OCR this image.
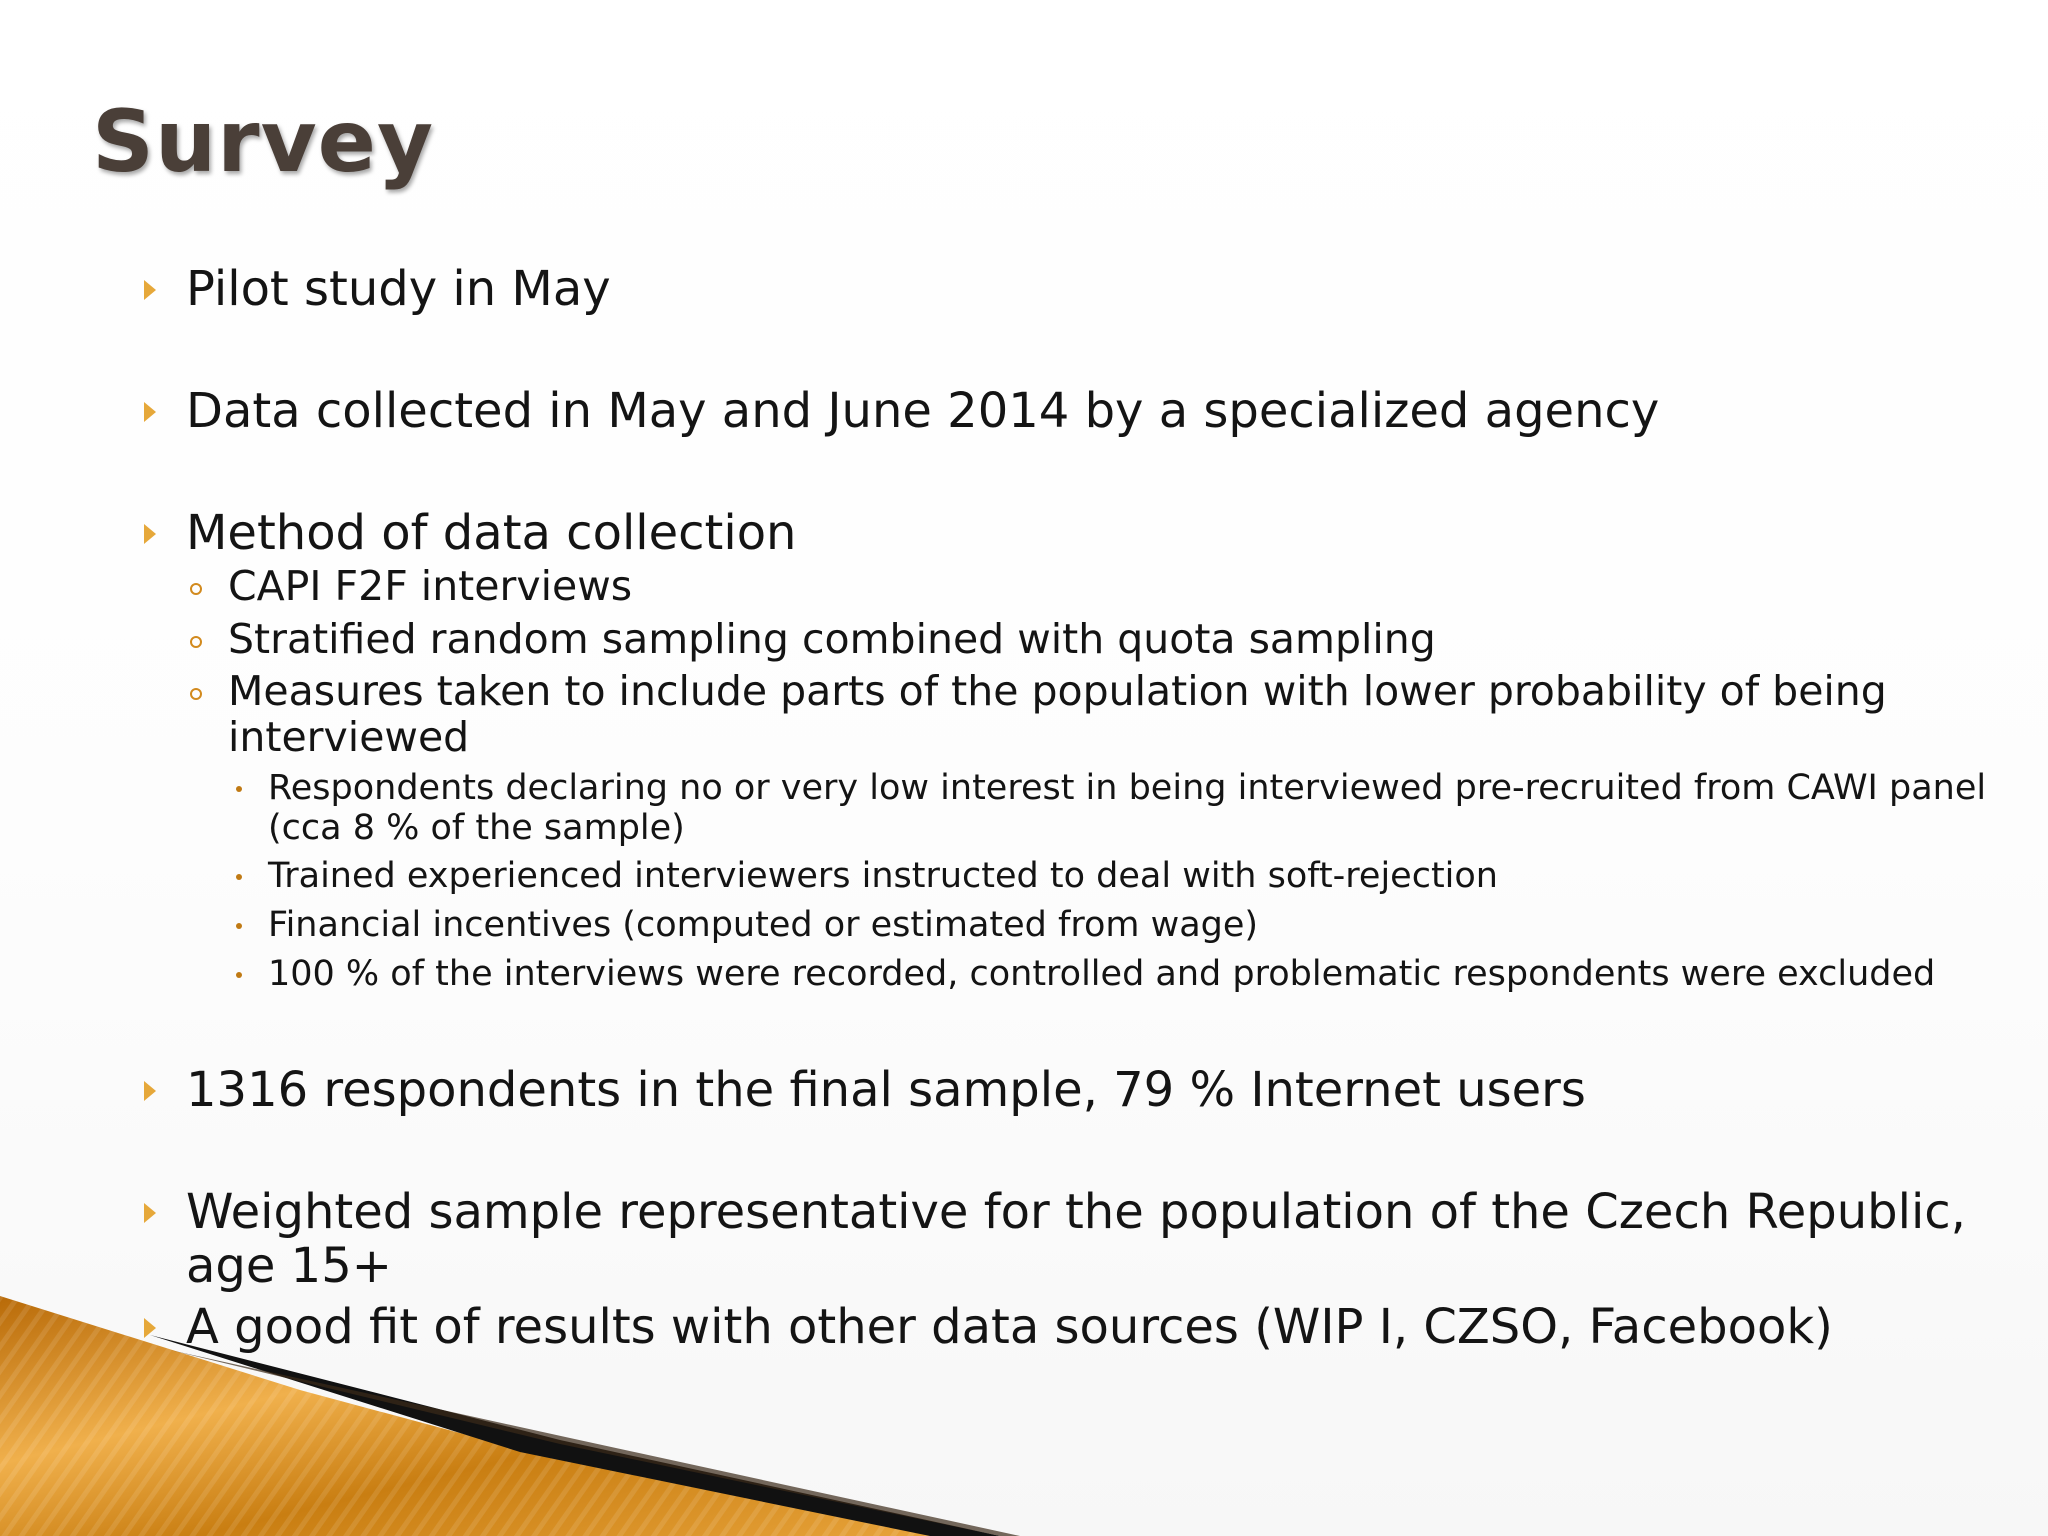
Survey

Pilot study in May

Data collected in May and June 2014 by a specialized agency

Method of data collection

CAPI F2F interviews

Stratified random sampling combined with quota sampling

Measures taken to include parts of the population with lower probability of being interviewed

Respondents declaring no or very low interest in being interviewed pre-recruited from CAWI panel (cca 8 % of the sample)

Trained experienced interviewers instructed to deal with soft-rejection

Financial incentives (computed or estimated from wage)

100 % of the interviews were recorded, controlled and problematic respondents were excluded

1316 respondents in the final sample, 79 % Internet users

Weighted sample representative for the population of the Czech Republic, age 15+

A good fit of results with other data sources (WIP I, CZSO, Facebook)
